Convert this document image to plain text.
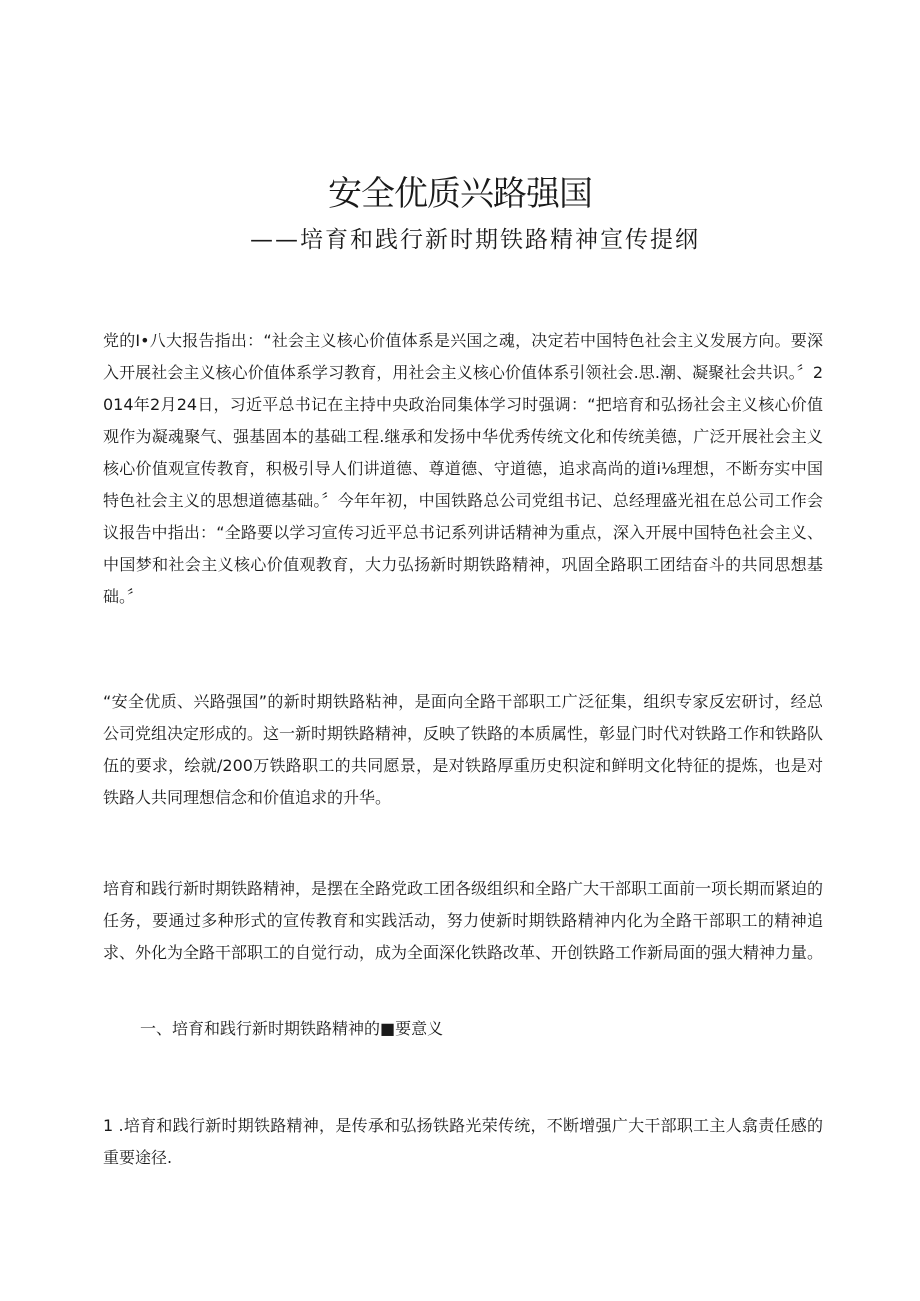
安全优质兴路强国
——培育和践行新时期铁路精神宣传提纲

党的I•八大报告指出：“社会主义核心价值体系是兴国之魂，决定若中国特色社会主义发展方向。要深入开展社会主义核心价值体系学习教育，用社会主义核心价值体系引领社会.思.潮、凝聚社会共识。〞2014年2月24日，习近平总书记在主持中央政治同集体学习时强调：“把培育和弘扬社会主义核心价值观作为凝魂聚气、强基固本的基础工程.继承和发扬中华优秀传统文化和传统美德，广泛开展社会主义核心价值观宣传教育，积极引导人们讲道德、尊道德、守道德，追求高尚的道i⅛理想，不断夯实中国特色社会主义的思想道德基础。〞今年年初，中国铁路总公司党组书记、总经理盛光祖在总公司工作会议报告中指出：“全路要以学习宣传习近平总书记系列讲话精神为重点，深入开展中国特色社会主义、中国梦和社会主义核心价值观教育，大力弘扬新时期铁路精神，巩固全路职工团结奋斗的共同思想基础。〞

“安全优质、兴路强国”的新时期铁路粘神，是面向全路干部职工广泛征集，组织专家反宏研讨，经总公司党组决定形成的。这一新时期铁路精神，反映了铁路的本质属性，彰显门时代对铁路工作和铁路队伍的要求，绘就/200万铁路职工的共同愿景，是对铁路厚重历史积淀和鲜明文化特征的提炼，也是对铁路人共同理想信念和价值追求的升华。

培育和践行新时期铁路精神，是摆在全路党政工团各级组织和全路广大干部职工面前一项长期而紧迫的任务，要通过多种形式的宣传教育和实践活动，努力使新时期铁路精神内化为全路干部职工的精神追求、外化为全路干部职工的自觉行动，成为全面深化铁路改革、开创铁路工作新局面的强大精神力量。

一、培育和践行新时期铁路精神的■要意义

1 .培育和践行新时期铁路精神，是传承和弘扬铁路光荣传统，不断增强广大干部职工主人翕责任感的重要途径.
